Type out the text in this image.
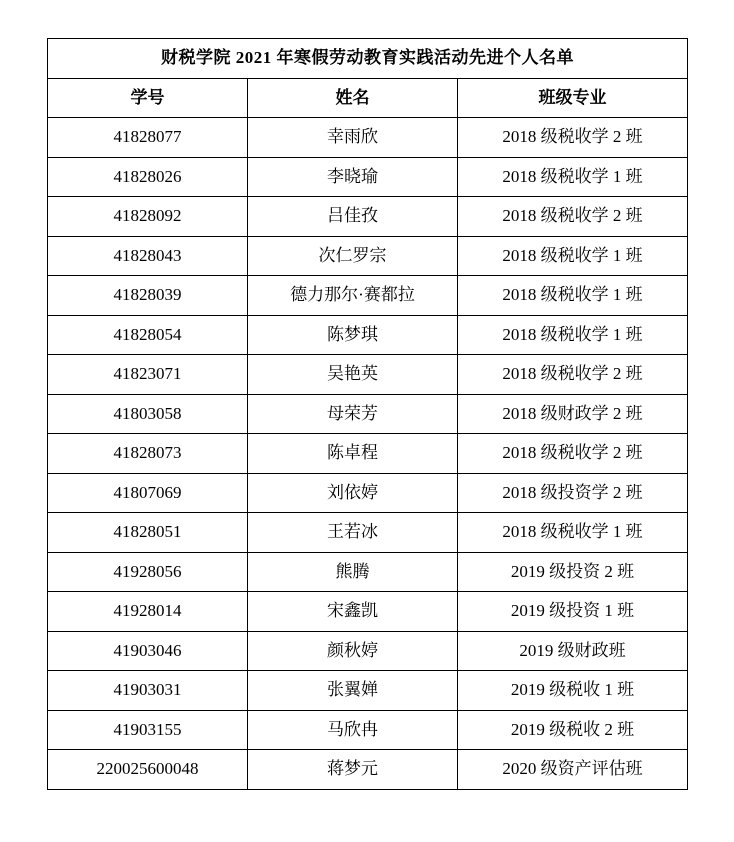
财税学院 2021 年寒假劳动教育实践活动先进个人名单		
学号	姓名	班级专业

41828077	幸雨欣	2018 级税收学 2 班

41828026	李晓瑜	2018 级税收学 1 班

41828092	吕佳孜	2018 级税收学 2 班

41828043	次仁罗宗	2018 级税收学 1 班

41828039	德力那尔·赛都拉	2018 级税收学 1 班

41828054	陈梦琪	2018 级税收学 1 班

41823071	吴艳英	2018 级税收学 2 班

41803058	母荣芳	2018 级财政学 2 班

41828073	陈卓程	2018 级税收学 2 班

41807069	刘依婷	2018 级投资学 2 班

41828051	王若冰	2018 级税收学 1 班

41928056	熊腾	2019 级投资 2 班

41928014	宋鑫凯	2019 级投资 1 班

41903046	颜秋婷	2019 级财政班

41903031	张翼婵	2019 级税收 1 班

41903155	马欣冉	2019 级税收 2 班

220025600048	蒋梦元	2020 级资产评估班
